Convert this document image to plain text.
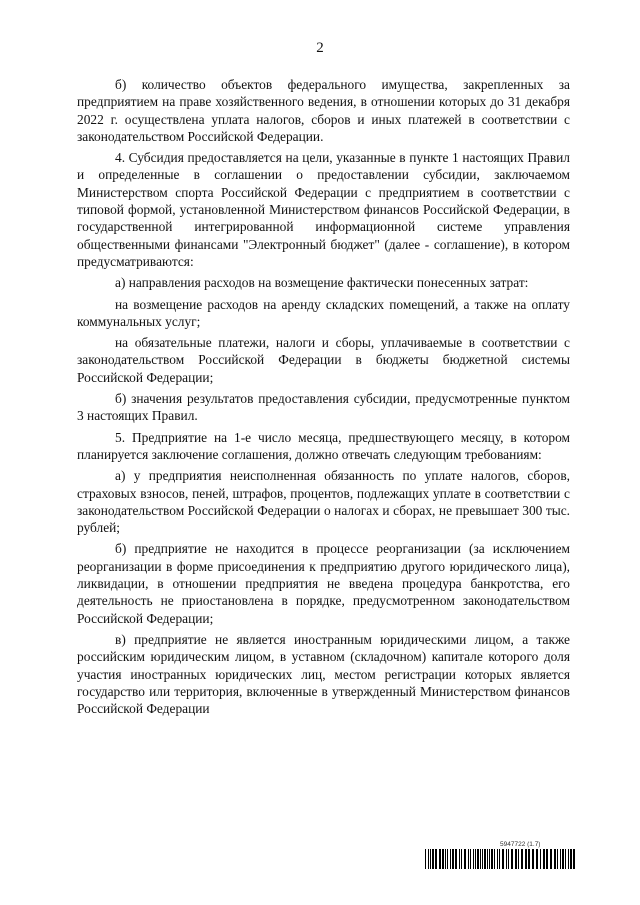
2

б) количество объектов федерального имущества, закрепленных за предприятием на праве хозяйственного ведения, в отношении которых до 31 декабря 2022 г. осуществлена уплата налогов, сборов и иных платежей в соответствии с законодательством Российской Федерации.

4. Субсидия предоставляется на цели, указанные в пункте 1 настоящих Правил и определенные в соглашении о предоставлении субсидии, заключаемом Министерством спорта Российской Федерации с предприятием в соответствии с типовой формой, установленной Министерством финансов Российской Федерации, в государственной интегрированной информационной системе управления общественными финансами "Электронный бюджет" (далее - соглашение), в котором предусматриваются:

а) направления расходов на возмещение фактически понесенных затрат:

на возмещение расходов на аренду складских помещений, а также на оплату коммунальных услуг;

на обязательные платежи, налоги и сборы, уплачиваемые в соответствии с законодательством Российской Федерации в бюджеты бюджетной системы Российской Федерации;

б) значения результатов предоставления субсидии, предусмотренные пунктом 3 настоящих Правил.

5. Предприятие на 1-е число месяца, предшествующего месяцу, в котором планируется заключение соглашения, должно отвечать следующим требованиям:

а) у предприятия неисполненная обязанность по уплате налогов, сборов, страховых взносов, пеней, штрафов, процентов, подлежащих уплате в соответствии с законодательством Российской Федерации о налогах и сборах, не превышает 300 тыс. рублей;

б) предприятие не находится в процессе реорганизации (за исключением реорганизации в форме присоединения к предприятию другого юридического лица), ликвидации, в отношении предприятия не введена процедура банкротства, его деятельность не приостановлена в порядке, предусмотренном законодательством Российской Федерации;

в) предприятие не является иностранным юридическими лицом, а также российским юридическим лицом, в уставном (складочном) капитале которого доля участия иностранных юридических лиц, местом регистрации которых является государство или территория, включенные в утвержденный Министерством финансов Российской Федерации

5947722 (1.7)
